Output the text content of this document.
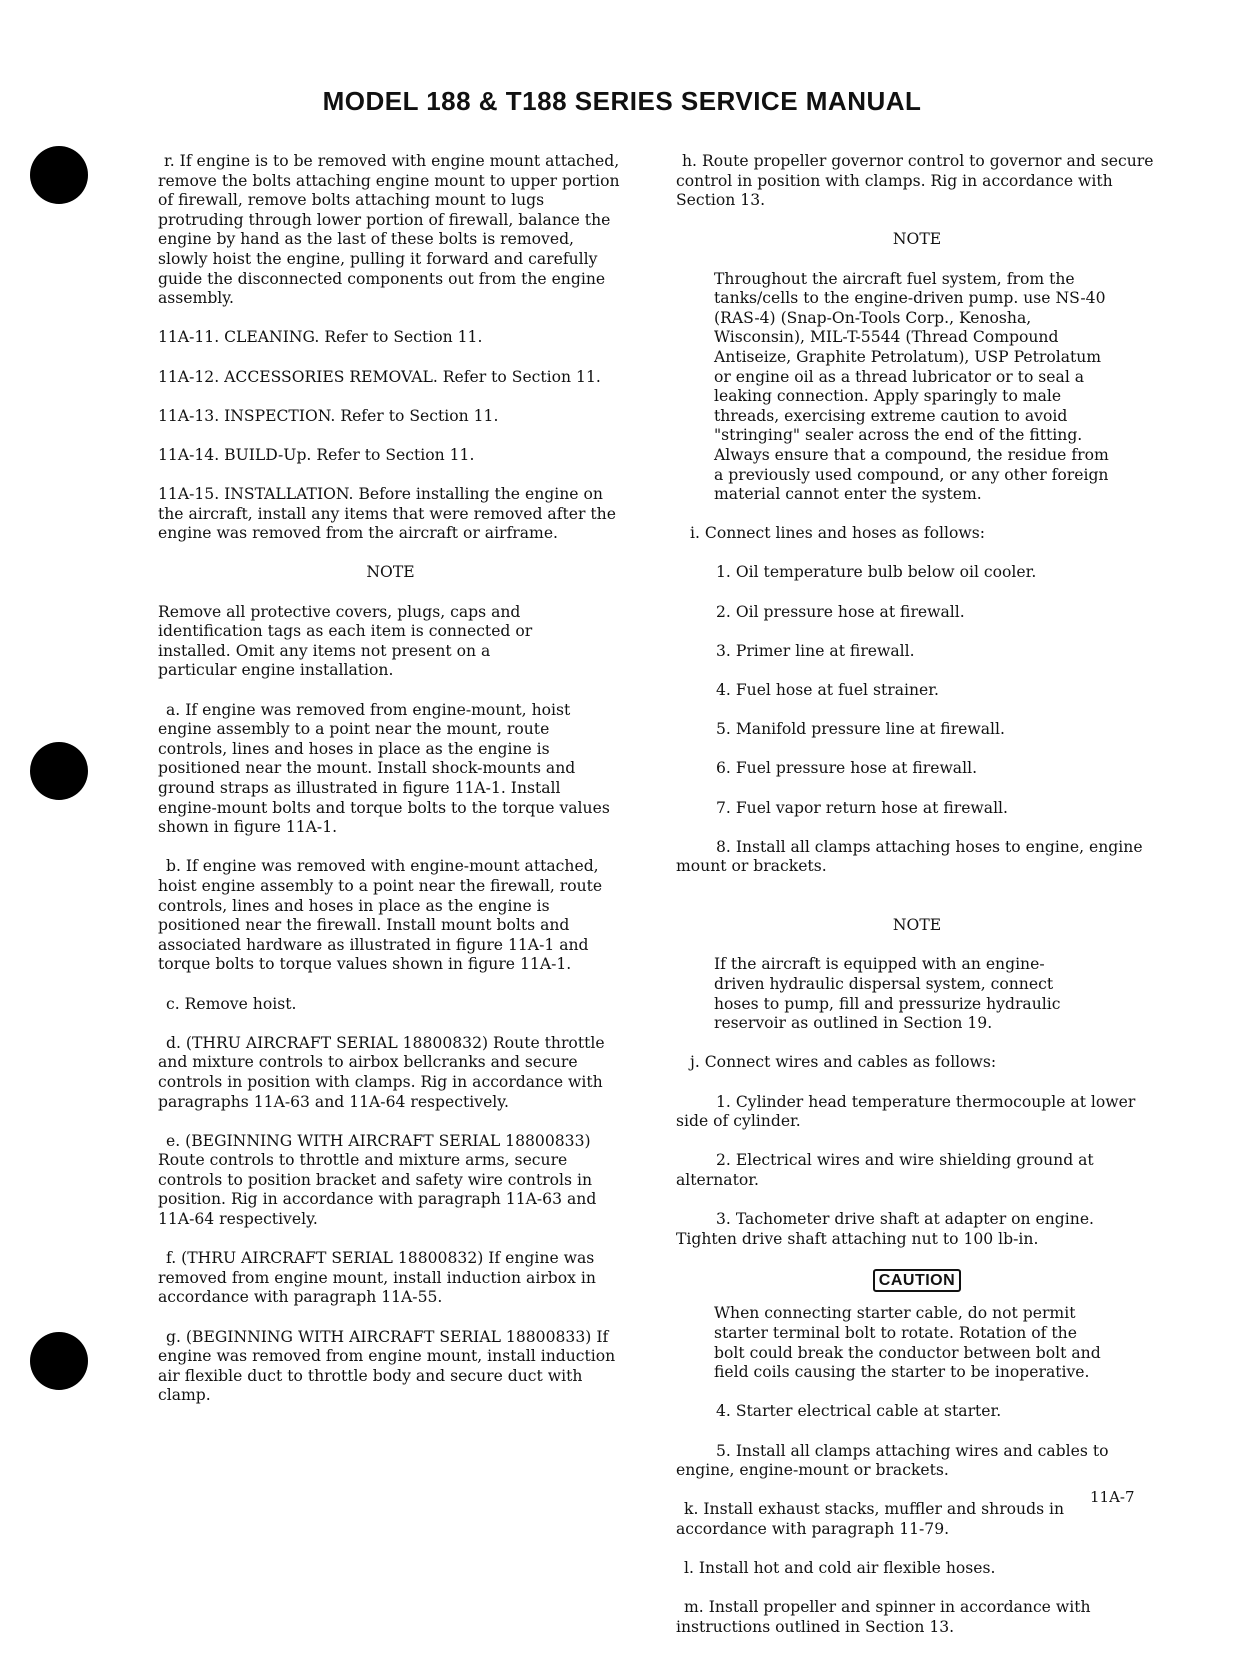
MODEL 188 & T188 SERIES SERVICE MANUAL

r. If engine is to be removed with engine mount attached, remove the bolts attaching engine mount to upper portion of firewall, remove bolts attaching mount to lugs protruding through lower portion of firewall, balance the engine by hand as the last of these bolts is removed, slowly hoist the engine, pulling it forward and carefully guide the disconnected components out from the engine assembly.

11A-11. CLEANING. Refer to Section 11.

11A-12. ACCESSORIES REMOVAL. Refer to Section 11.

11A-13. INSPECTION. Refer to Section 11.

11A-14. BUILD-Up. Refer to Section 11.

11A-15. INSTALLATION. Before installing the engine on the aircraft, install any items that were removed after the engine was removed from the aircraft or airframe.

NOTE

Remove all protective covers, plugs, caps and identification tags as each item is connected or installed. Omit any items not present on a particular engine installation.

a. If engine was removed from engine-mount, hoist engine assembly to a point near the mount, route controls, lines and hoses in place as the engine is positioned near the mount. Install shock-mounts and ground straps as illustrated in figure 11A-1. Install engine-mount bolts and torque bolts to the torque values shown in figure 11A-1.

b. If engine was removed with engine-mount attached, hoist engine assembly to a point near the firewall, route controls, lines and hoses in place as the engine is positioned near the firewall. Install mount bolts and associated hardware as illustrated in figure 11A-1 and torque bolts to torque values shown in figure 11A-1.

c. Remove hoist.

d. (THRU AIRCRAFT SERIAL 18800832) Route throttle and mixture controls to airbox bellcranks and secure controls in position with clamps. Rig in accordance with paragraphs 11A-63 and 11A-64 respectively.

e. (BEGINNING WITH AIRCRAFT SERIAL 18800833) Route controls to throttle and mixture arms, secure controls to position bracket and safety wire controls in position. Rig in accordance with paragraph 11A-63 and 11A-64 respectively.

f. (THRU AIRCRAFT SERIAL 18800832) If engine was removed from engine mount, install induction airbox in accordance with paragraph 11A-55.

g. (BEGINNING WITH AIRCRAFT SERIAL 18800833) If engine was removed from engine mount, install induction air flexible duct to throttle body and secure duct with clamp.

h. Route propeller governor control to governor and secure control in position with clamps. Rig in accordance with Section 13.

NOTE

Throughout the aircraft fuel system, from the tanks/cells to the engine-driven pump. use NS-40 (RAS-4) (Snap-On-Tools Corp., Kenosha, Wisconsin), MIL-T-5544 (Thread Compound Antiseize, Graphite Petrolatum), USP Petrolatum or engine oil as a thread lubricator or to seal a leaking connection. Apply sparingly to male threads, exercising extreme caution to avoid "stringing" sealer across the end of the fitting. Always ensure that a compound, the residue from a previously used compound, or any other foreign material cannot enter the system.

i. Connect lines and hoses as follows:

1. Oil temperature bulb below oil cooler.

2. Oil pressure hose at firewall.

3. Primer line at firewall.

4. Fuel hose at fuel strainer.

5. Manifold pressure line at firewall.

6. Fuel pressure hose at firewall.

7. Fuel vapor return hose at firewall.

8. Install all clamps attaching hoses to engine, engine mount or brackets.

NOTE

If the aircraft is equipped with an engine-driven hydraulic dispersal system, connect hoses to pump, fill and pressurize hydraulic reservoir as outlined in Section 19.

j. Connect wires and cables as follows:

1. Cylinder head temperature thermocouple at lower side of cylinder.

2. Electrical wires and wire shielding ground at alternator.

3. Tachometer drive shaft at adapter on engine. Tighten drive shaft attaching nut to 100 lb-in.

CAUTION

When connecting starter cable, do not permit starter terminal bolt to rotate. Rotation of the bolt could break the conductor between bolt and field coils causing the starter to be inoperative.

4. Starter electrical cable at starter.

5. Install all clamps attaching wires and cables to engine, engine-mount or brackets.

k. Install exhaust stacks, muffler and shrouds in accordance with paragraph 11-79.

l. Install hot and cold air flexible hoses.

m. Install propeller and spinner in accordance with instructions outlined in Section 13.

11A-7
